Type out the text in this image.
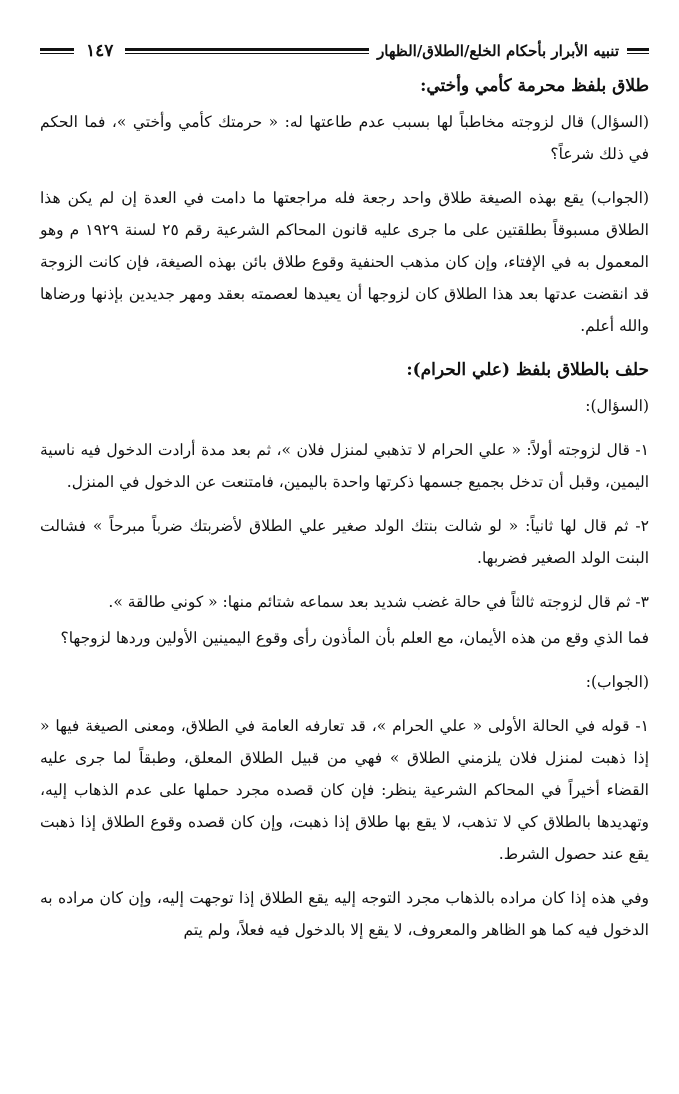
تنبيه الأبرار بأحكام الخلع/الطلاق/الظهار
١٤٧

طلاق بلفظ محرمة كأمي وأختي:

(السؤال) قال لزوجته مخاطباً لها بسبب عدم طاعتها له: « حرمتك كأمي وأختي »، فما الحكم في ذلك شرعاً؟

(الجواب) يقع بهذه الصيغة طلاق واحد رجعة فله مراجعتها ما دامت في العدة إن لم يكن هذا الطلاق مسبوقاً بطلقتين على ما جرى عليه قانون المحاكم الشرعية رقم ٢٥ لسنة ١٩٢٩ م وهو المعمول به في الإفتاء، وإن كان مذهب الحنفية وقوع طلاق بائن بهذه الصيغة، فإن كانت الزوجة قد انقضت عدتها بعد هذا الطلاق كان لزوجها أن يعيدها لعصمته بعقد ومهر جديدين بإذنها ورضاها والله أعلم.

حلف بالطلاق بلفظ (علي الحرام):

(السؤال):

١- قال لزوجته أولاً: « علي الحرام لا تذهبي لمنزل فلان »، ثم بعد مدة أرادت الدخول فيه ناسية اليمين، وقبل أن تدخل بجميع جسمها ذكرتها واحدة باليمين، فامتنعت عن الدخول في المنزل.

٢- ثم قال لها ثانياً: « لو شالت بنتك الولد صغير علي الطلاق لأضربتك ضرباً مبرحاً » فشالت البنت الولد الصغير فضربها.

٣- ثم قال لزوجته ثالثاً في حالة غضب شديد بعد سماعه شتائم منها: « كوني طالقة ».

فما الذي وقع من هذه الأيمان، مع العلم بأن المأذون رأى وقوع اليمينين الأولين وردها لزوجها؟

(الجواب):

١- قوله في الحالة الأولى « علي الحرام »، قد تعارفه العامة في الطلاق، ومعنى الصيغة فيها « إذا ذهبت لمنزل فلان يلزمني الطلاق » فهي من قبيل الطلاق المعلق، وطبقاً لما جرى عليه القضاء أخيراً في المحاكم الشرعية ينظر: فإن كان قصده مجرد حملها على عدم الذهاب إليه، وتهديدها بالطلاق كي لا تذهب، لا يقع بها طلاق إذا ذهبت، وإن كان قصده وقوع الطلاق إذا ذهبت يقع عند حصول الشرط.

وفي هذه إذا كان مراده بالذهاب مجرد التوجه إليه يقع الطلاق إذا توجهت إليه، وإن كان مراده به الدخول فيه كما هو الظاهر والمعروف، لا يقع إلا بالدخول فيه فعلاً، ولم يتم
